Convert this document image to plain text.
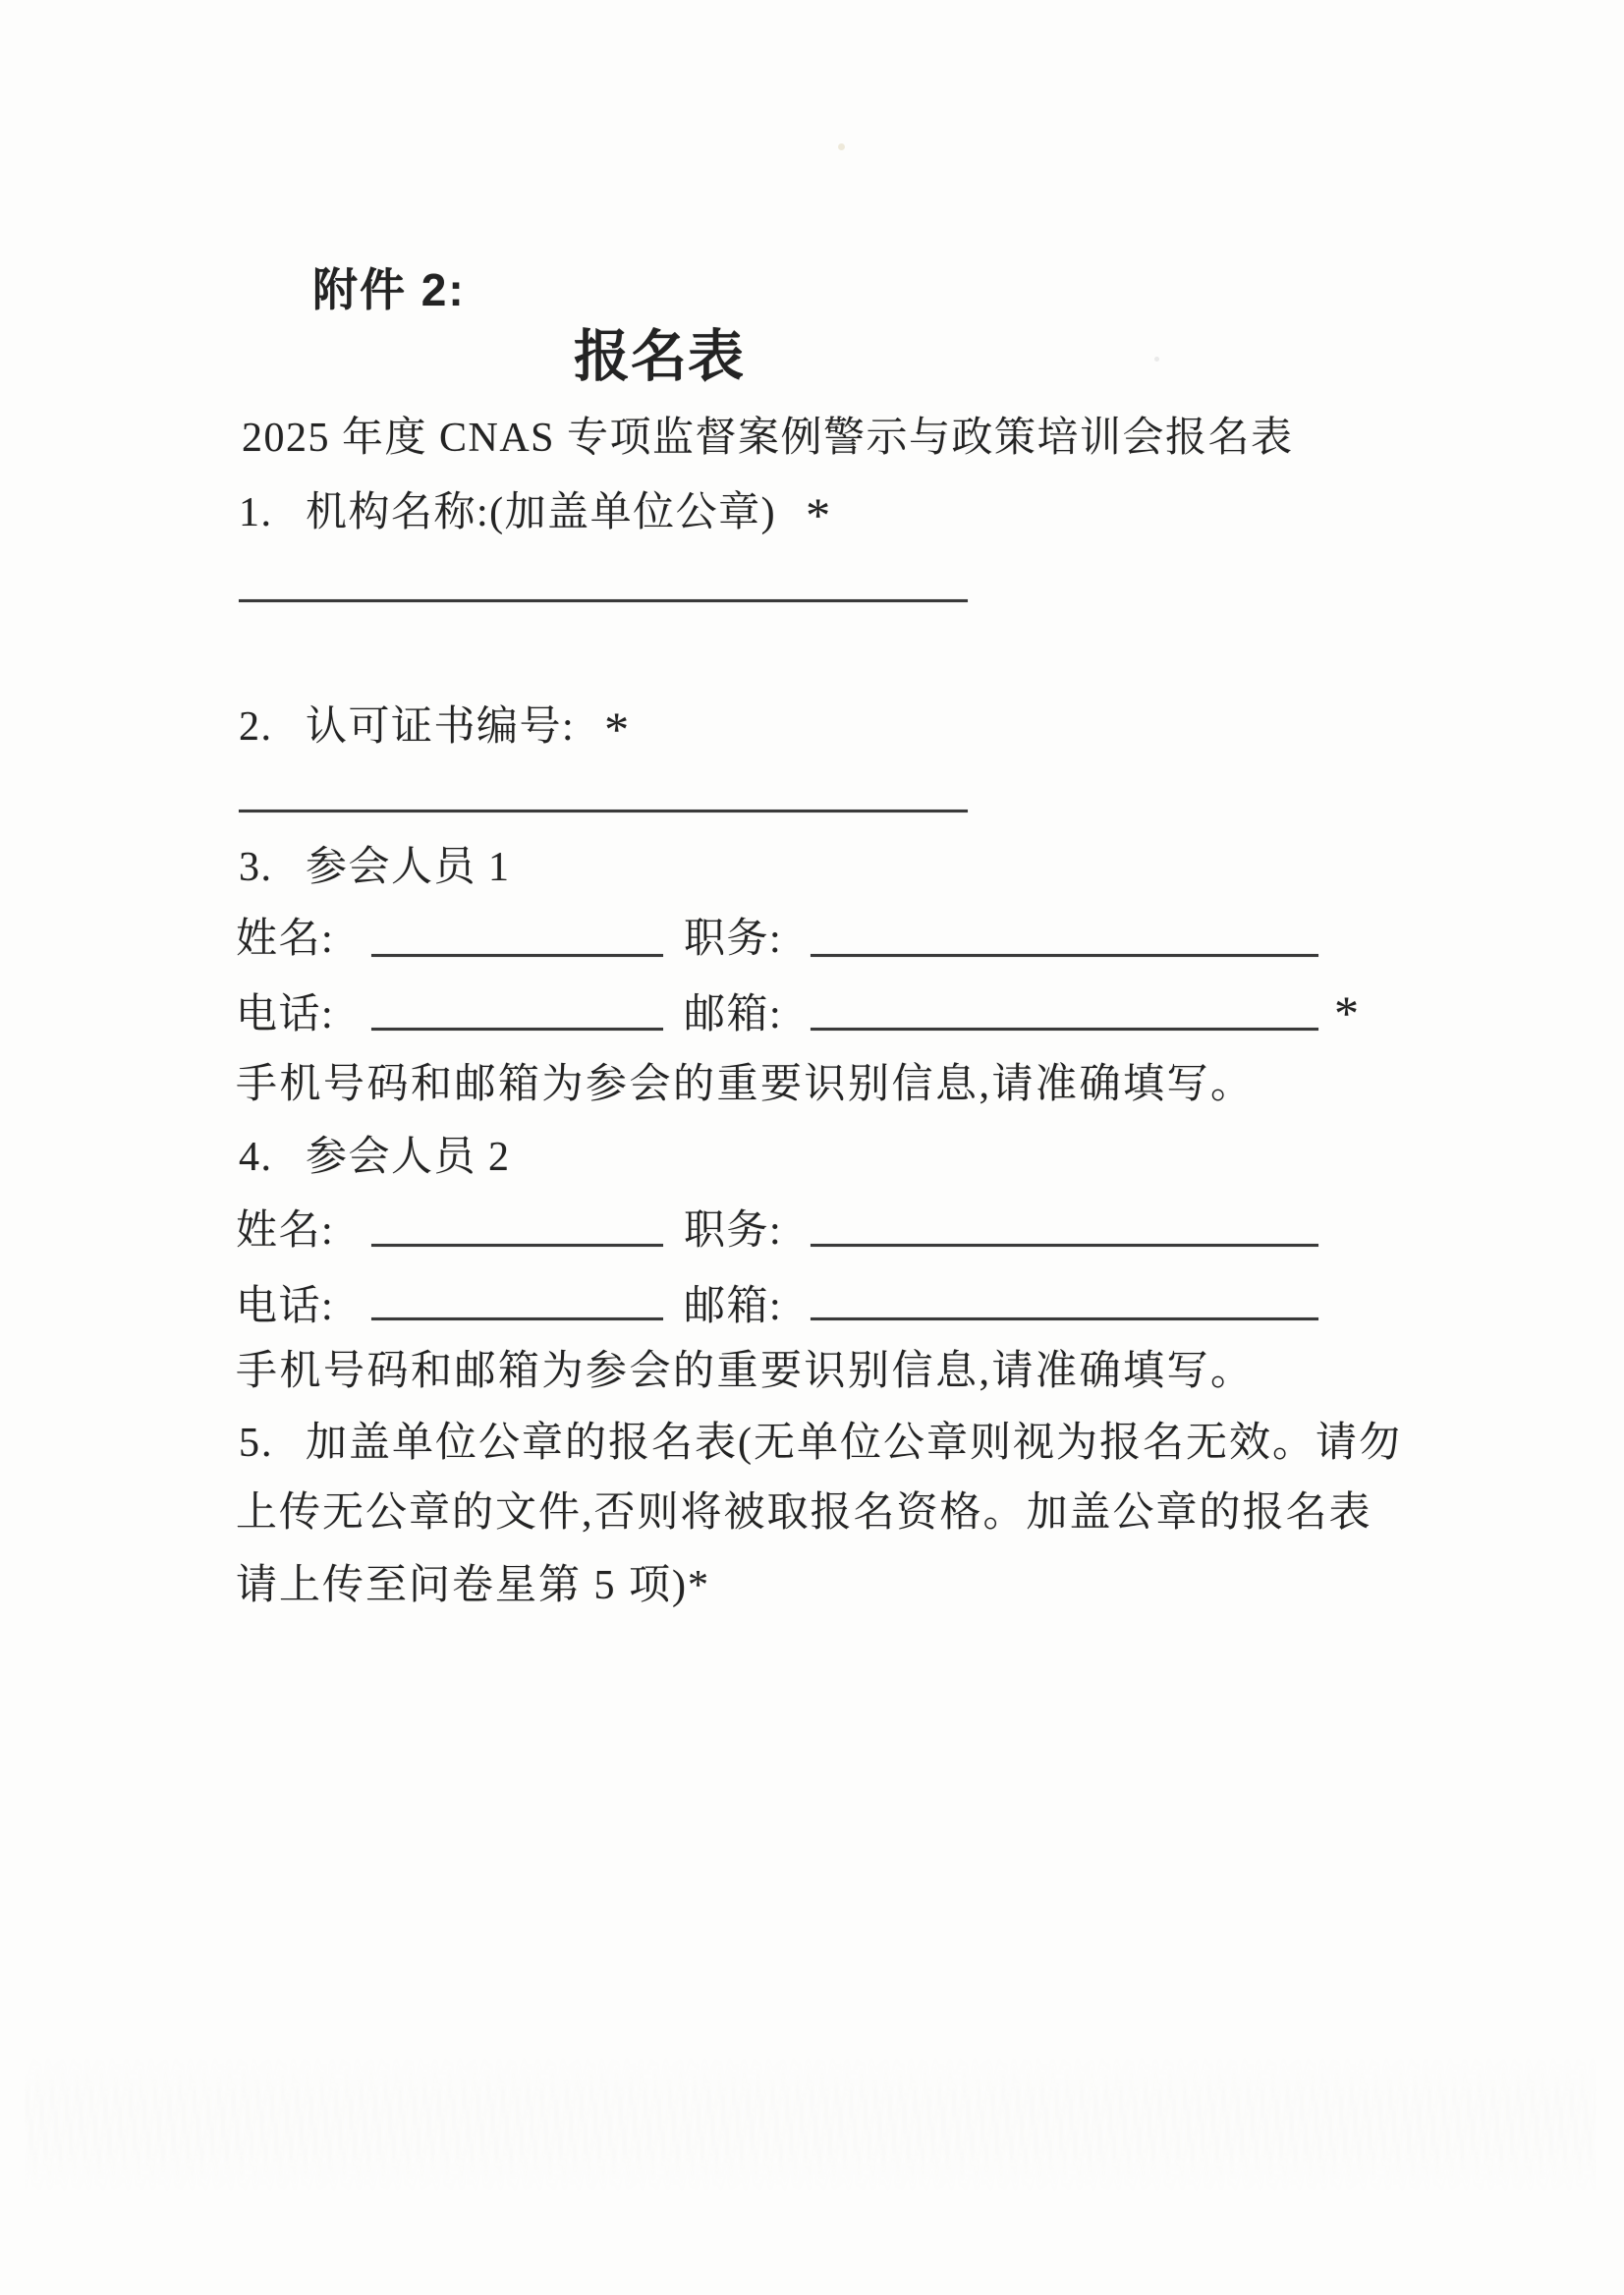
附件 2:
报名表
2025 年度 CNAS 专项监督案例警示与政策培训会报名表
1. 机构名称:(加盖单位公章) *
2. 认可证书编号: *
3. 参会人员 1
姓名:	职务:
电话:	邮箱:	*
手机号码和邮箱为参会的重要识别信息,请准确填写。
4. 参会人员 2
姓名:	职务:
电话:	邮箱:
手机号码和邮箱为参会的重要识别信息,请准确填写。
5. 加盖单位公章的报名表(无单位公章则视为报名无效。请勿
上传无公章的文件,否则将被取报名资格。加盖公章的报名表
请上传至问卷星第 5 项)*
